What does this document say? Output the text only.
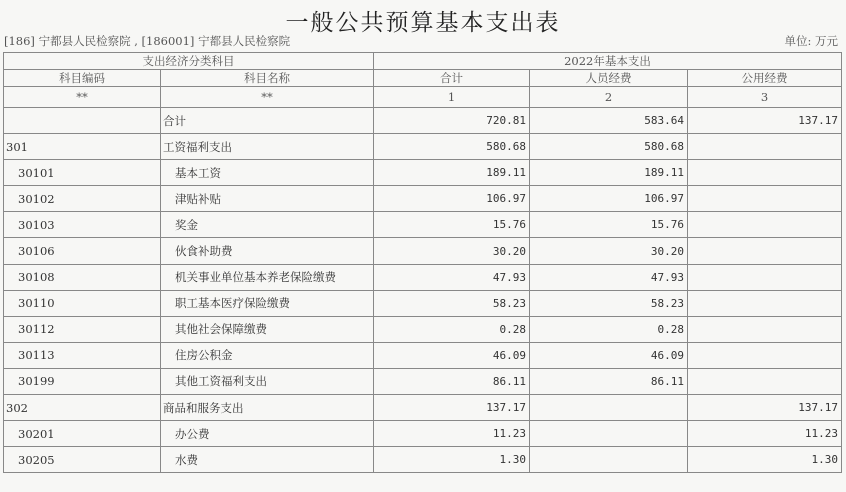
一般公共预算基本支出表
[186] 宁都县人民检察院 , [186001] 宁都县人民检察院	单位: 万元
支出经济分类科目		2022年基本支出		
科目编码	科目名称	合计	人员经费	公用经费
**	**	1	2	3
	合计	720.81	583.64	137.17
301	工资福利支出	580.68	580.68	
30101	基本工资	189.11	189.11	
30102	津贴补贴	106.97	106.97	
30103	奖金	15.76	15.76	
30106	伙食补助费	30.20	30.20	
30108	机关事业单位基本养老保险缴费	47.93	47.93	
30110	职工基本医疗保险缴费	58.23	58.23	
30112	其他社会保障缴费	0.28	0.28	
30113	住房公积金	46.09	46.09	
30199	其他工资福利支出	86.11	86.11	
302	商品和服务支出	137.17		137.17
30201	办公费	11.23		11.23
30205	水费	1.30		1.30
